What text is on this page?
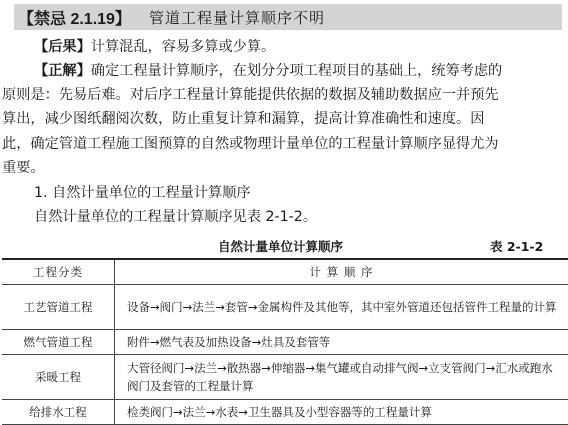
【禁忌 2.1.19】 管道工程量计算顺序不明
【后果】计算混乱，容易多算或少算。
【正解】确定工程量计算顺序，在划分分项工程项目的基础上，统筹考虑的
原则是：先易后难。对后序工程量计算能提供依据的数据及辅助数据应一并预先
算出，减少图纸翻阅次数，防止重复计算和漏算，提高计算准确性和速度。因
此，确定管道工程施工图预算的自然或物理计量单位的工程量计算顺序显得尤为
重要。
1. 自然计量单位的工程量计算顺序
自然计量单位的工程量计算顺序见表 2-1-2。
自然计量单位计算顺序	表 2-1-2
工程分类	计 算 顺 序
工艺管道工程	设备→阀门→法兰→套管→金属构件及其他等，其中室外管道还包括管件工程量的计算
燃气管道工程	附件→燃气表及加热设备→灶具及套管等
采暖工程	大管径阀门→法兰→散热器→伸缩器→集气罐或自动排气阀→立支管阀门→汇水或跑水阀门及套管的工程量计算
给排水工程	检类阀门→法兰→水表→卫生器具及小型容器等的工程量计算
